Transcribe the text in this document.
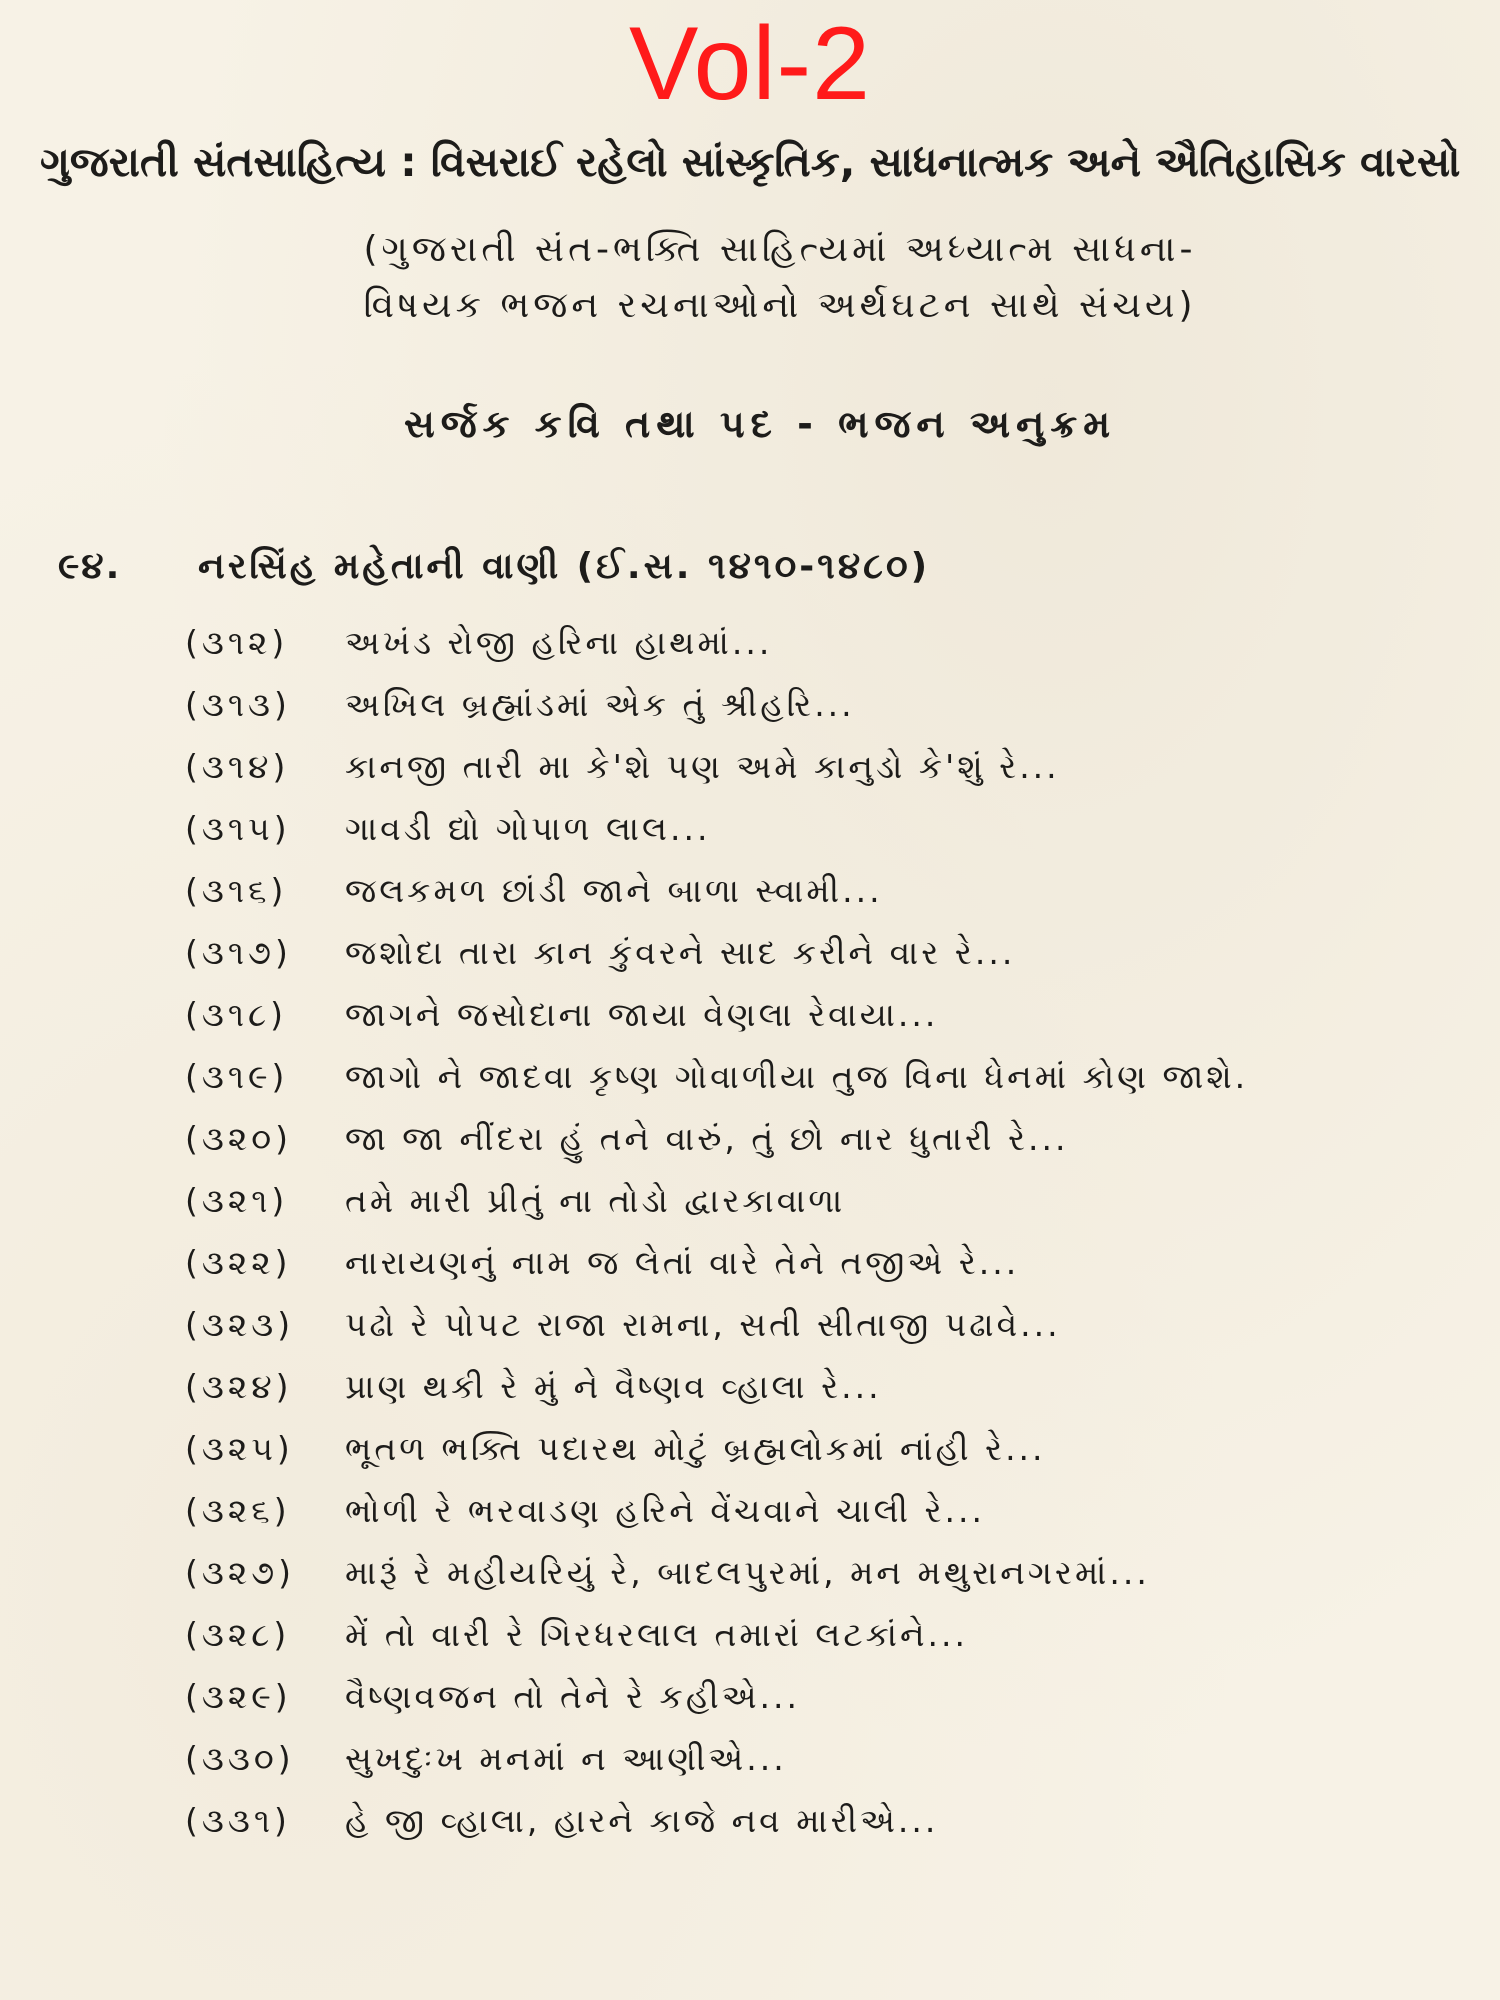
Vol-2
ગુજરાતી સંતસાહિત્ય : વિસરાઈ રહેલો સાંસ્કૃતિક, સાધનાત્મક અને ઐતિહાસિક વારસો
(ગુજરાતી સંત-ભક્તિ સાહિત્યમાં અધ્યાત્મ સાધના-
વિષયક ભજન રચનાઓનો અર્થઘટન સાથે સંચય)
સર્જક કવિ તથા પદ - ભજન અનુક્રમ
૯૪. નરસિંહ મહેતાની વાણી (ઈ.સ. ૧૪૧૦-૧૪૮૦)
(૩૧૨)	અખંડ રોજી હરિના હાથમાં...
(૩૧૩)	અખિલ બ્રહ્માંડમાં એક તું શ્રીહરિ...
(૩૧૪)	કાનજી તારી મા કે'શે પણ અમે કાનુડો કે'શું રે...
(૩૧૫)	ગાવડી દ્યો ગોપાળ લાલ...
(૩૧૬)	જલકમળ છાંડી જાને બાળા સ્વામી...
(૩૧૭)	જશોદા તારા કાન કુંવરને સાદ કરીને વાર રે...
(૩૧૮)	જાગને જસોદાના જાયા વેણલા રેવાયા...
(૩૧૯)	જાગો ને જાદવા કૃષ્ણ ગોવાળીયા તુજ વિના ધેનમાં કોણ જાશે.
(૩૨૦)	જા જા નીંદરા હું તને વારું, તું છો નાર ધુતારી રે...
(૩૨૧)	તમે મારી પ્રીતું ના તોડો દ્વારકાવાળા
(૩૨૨)	નારાયણનું નામ જ લેતાં વારે તેને તજીએ રે...
(૩૨૩)	પઢો રે પોપટ રાજા રામના, સતી સીતાજી પઢાવે...
(૩૨૪)	પ્રાણ થકી રે મું ને વૈષ્ણવ વ્હાલા રે...
(૩૨૫)	ભૂતળ ભક્તિ પદારથ મોટું બ્રહ્મલોકમાં નાંહી રે...
(૩૨૬)	ભોળી રે ભરવાડણ હરિને વેંચવાને ચાલી રે...
(૩૨૭)	મારૂં રે મહીયરિયું રે, બાદલપુરમાં, મન મથુરાનગરમાં...
(૩૨૮)	મેં તો વારી રે ગિરધરલાલ તમારાં લટકાંને...
(૩૨૯)	વૈષ્ણવજન તો તેને રે કહીએ...
(૩૩૦)	સુખદુઃખ મનમાં ન આણીએ...
(૩૩૧)	હે જી વ્હાલા, હારને કાજે નવ મારીએ...
